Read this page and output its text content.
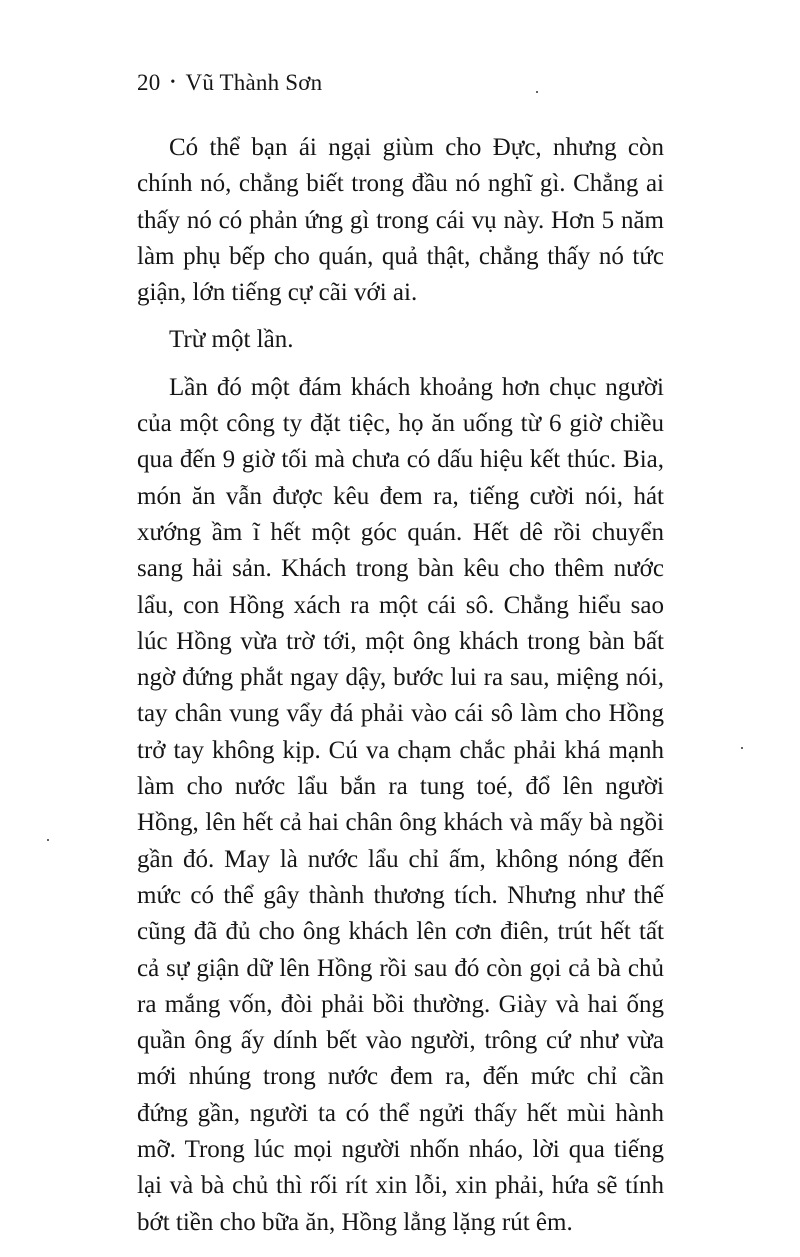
20 • Vũ Thành Sơn

Có thể bạn ái ngại giùm cho Đực, nhưng còn chính nó, chẳng biết trong đầu nó nghĩ gì. Chẳng ai thấy nó có phản ứng gì trong cái vụ này. Hơn 5 năm làm phụ bếp cho quán, quả thật, chẳng thấy nó tức giận, lớn tiếng cự cãi với ai.

Trừ một lần.

Lần đó một đám khách khoảng hơn chục người của một công ty đặt tiệc, họ ăn uống từ 6 giờ chiều qua đến 9 giờ tối mà chưa có dấu hiệu kết thúc. Bia, món ăn vẫn được kêu đem ra, tiếng cười nói, hát xướng ầm ĩ hết một góc quán. Hết dê rồi chuyển sang hải sản. Khách trong bàn kêu cho thêm nước lẩu, con Hồng xách ra một cái sô. Chẳng hiểu sao lúc Hồng vừa trờ tới, một ông khách trong bàn bất ngờ đứng phắt ngay dậy, bước lui ra sau, miệng nói, tay chân vung vẩy đá phải vào cái sô làm cho Hồng trở tay không kịp. Cú va chạm chắc phải khá mạnh làm cho nước lẩu bắn ra tung toé, đổ lên người Hồng, lên hết cả hai chân ông khách và mấy bà ngồi gần đó. May là nước lẩu chỉ ấm, không nóng đến mức có thể gây thành thương tích. Nhưng như thế cũng đã đủ cho ông khách lên cơn điên, trút hết tất cả sự giận dữ lên Hồng rồi sau đó còn gọi cả bà chủ ra mắng vốn, đòi phải bồi thường. Giày và hai ống quần ông ấy dính bết vào người, trông cứ như vừa mới nhúng trong nước đem ra, đến mức chỉ cần đứng gần, người ta có thể ngửi thấy hết mùi hành mỡ. Trong lúc mọi người nhốn nháo, lời qua tiếng lại và bà chủ thì rối rít xin lỗi, xin phải, hứa sẽ tính bớt tiền cho bữa ăn, Hồng lẳng lặng rút êm.
